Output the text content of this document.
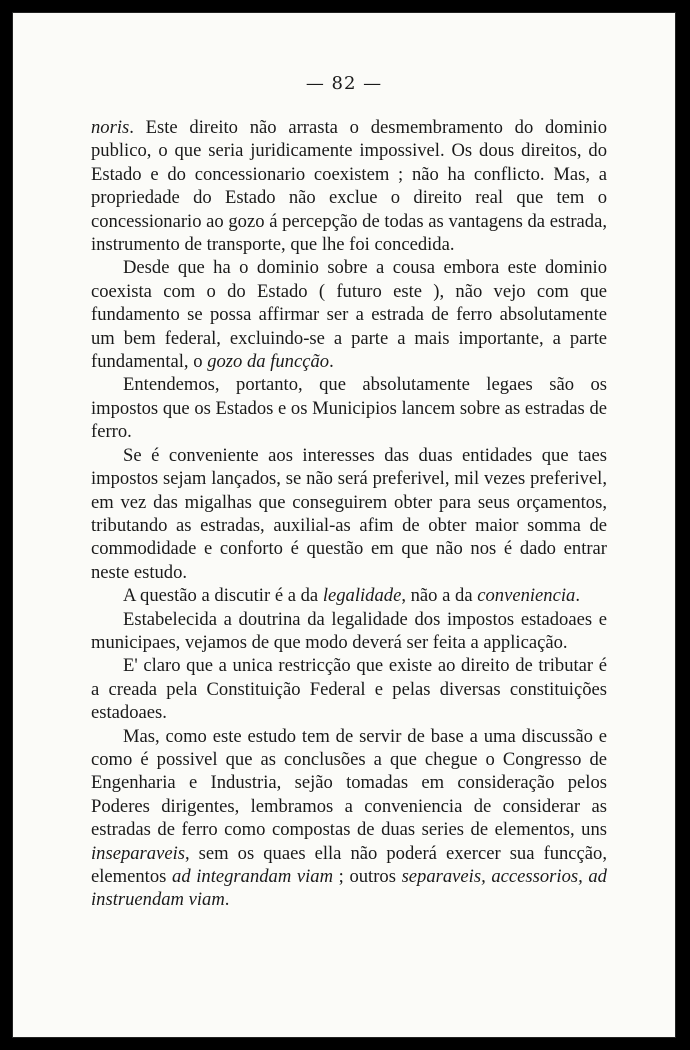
— 82 —

noris. Este direito não arrasta o desmembramento do dominio publico, o que seria juridicamente impossivel. Os dous direitos, do Estado e do concessionario coexistem ; não ha conflicto. Mas, a propriedade do Estado não exclue o direito real que tem o concessionario ao gozo á percepção de todas as vantagens da estrada, instrumento de transporte, que lhe foi concedida.

Desde que ha o dominio sobre a cousa embora este dominio coexista com o do Estado ( futuro este ), não vejo com que fundamento se possa affirmar ser a estrada de ferro absolutamente um bem federal, excluindo-se a parte a mais importante, a parte fundamental, o gozo da funcção.

Entendemos, portanto, que absolutamente legaes são os impostos que os Estados e os Municipios lancem sobre as estradas de ferro.

Se é conveniente aos interesses das duas entidades que taes impostos sejam lançados, se não será preferivel, mil vezes preferivel, em vez das migalhas que conseguirem obter para seus orçamentos, tributando as estradas, auxilial-as afim de obter maior somma de commodidade e conforto é questão em que não nos é dado entrar neste estudo.

A questão a discutir é a da legalidade, não a da conveniencia.

Estabelecida a doutrina da legalidade dos impostos estadoaes e municipaes, vejamos de que modo deverá ser feita a applicação.

E' claro que a unica restricção que existe ao direito de tributar é a creada pela Constituição Federal e pelas diversas constituições estadoaes.

Mas, como este estudo tem de servir de base a uma discussão e como é possivel que as conclusões a que chegue o Congresso de Engenharia e Industria, sejão tomadas em consideração pelos Poderes dirigentes, lembramos a conveniencia de considerar as estradas de ferro como compostas de duas series de elementos, uns inseparaveis, sem os quaes ella não poderá exercer sua funcção, elementos ad integrandam viam ; outros separaveis, accessorios, ad instruendam viam.
